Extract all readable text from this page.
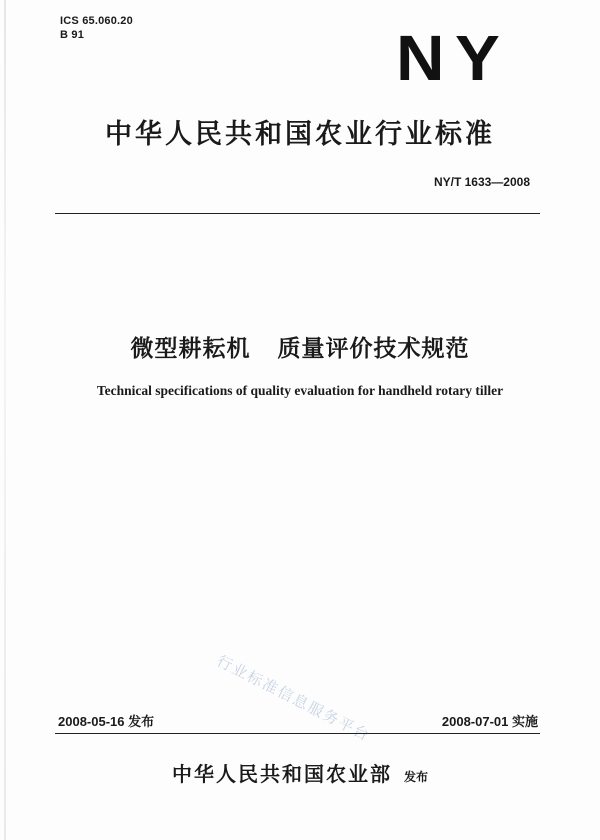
ICS 65.060.20
B 91	NY
中华人民共和国农业行业标准
NY/T 1633—2008
微型耕耘机   质量评价技术规范
Technical specifications of quality evaluation for handheld rotary tiller
行业标准信息服务平台
2008-05-16 发布	2008-07-01 实施
中华人民共和国农业部 发布
